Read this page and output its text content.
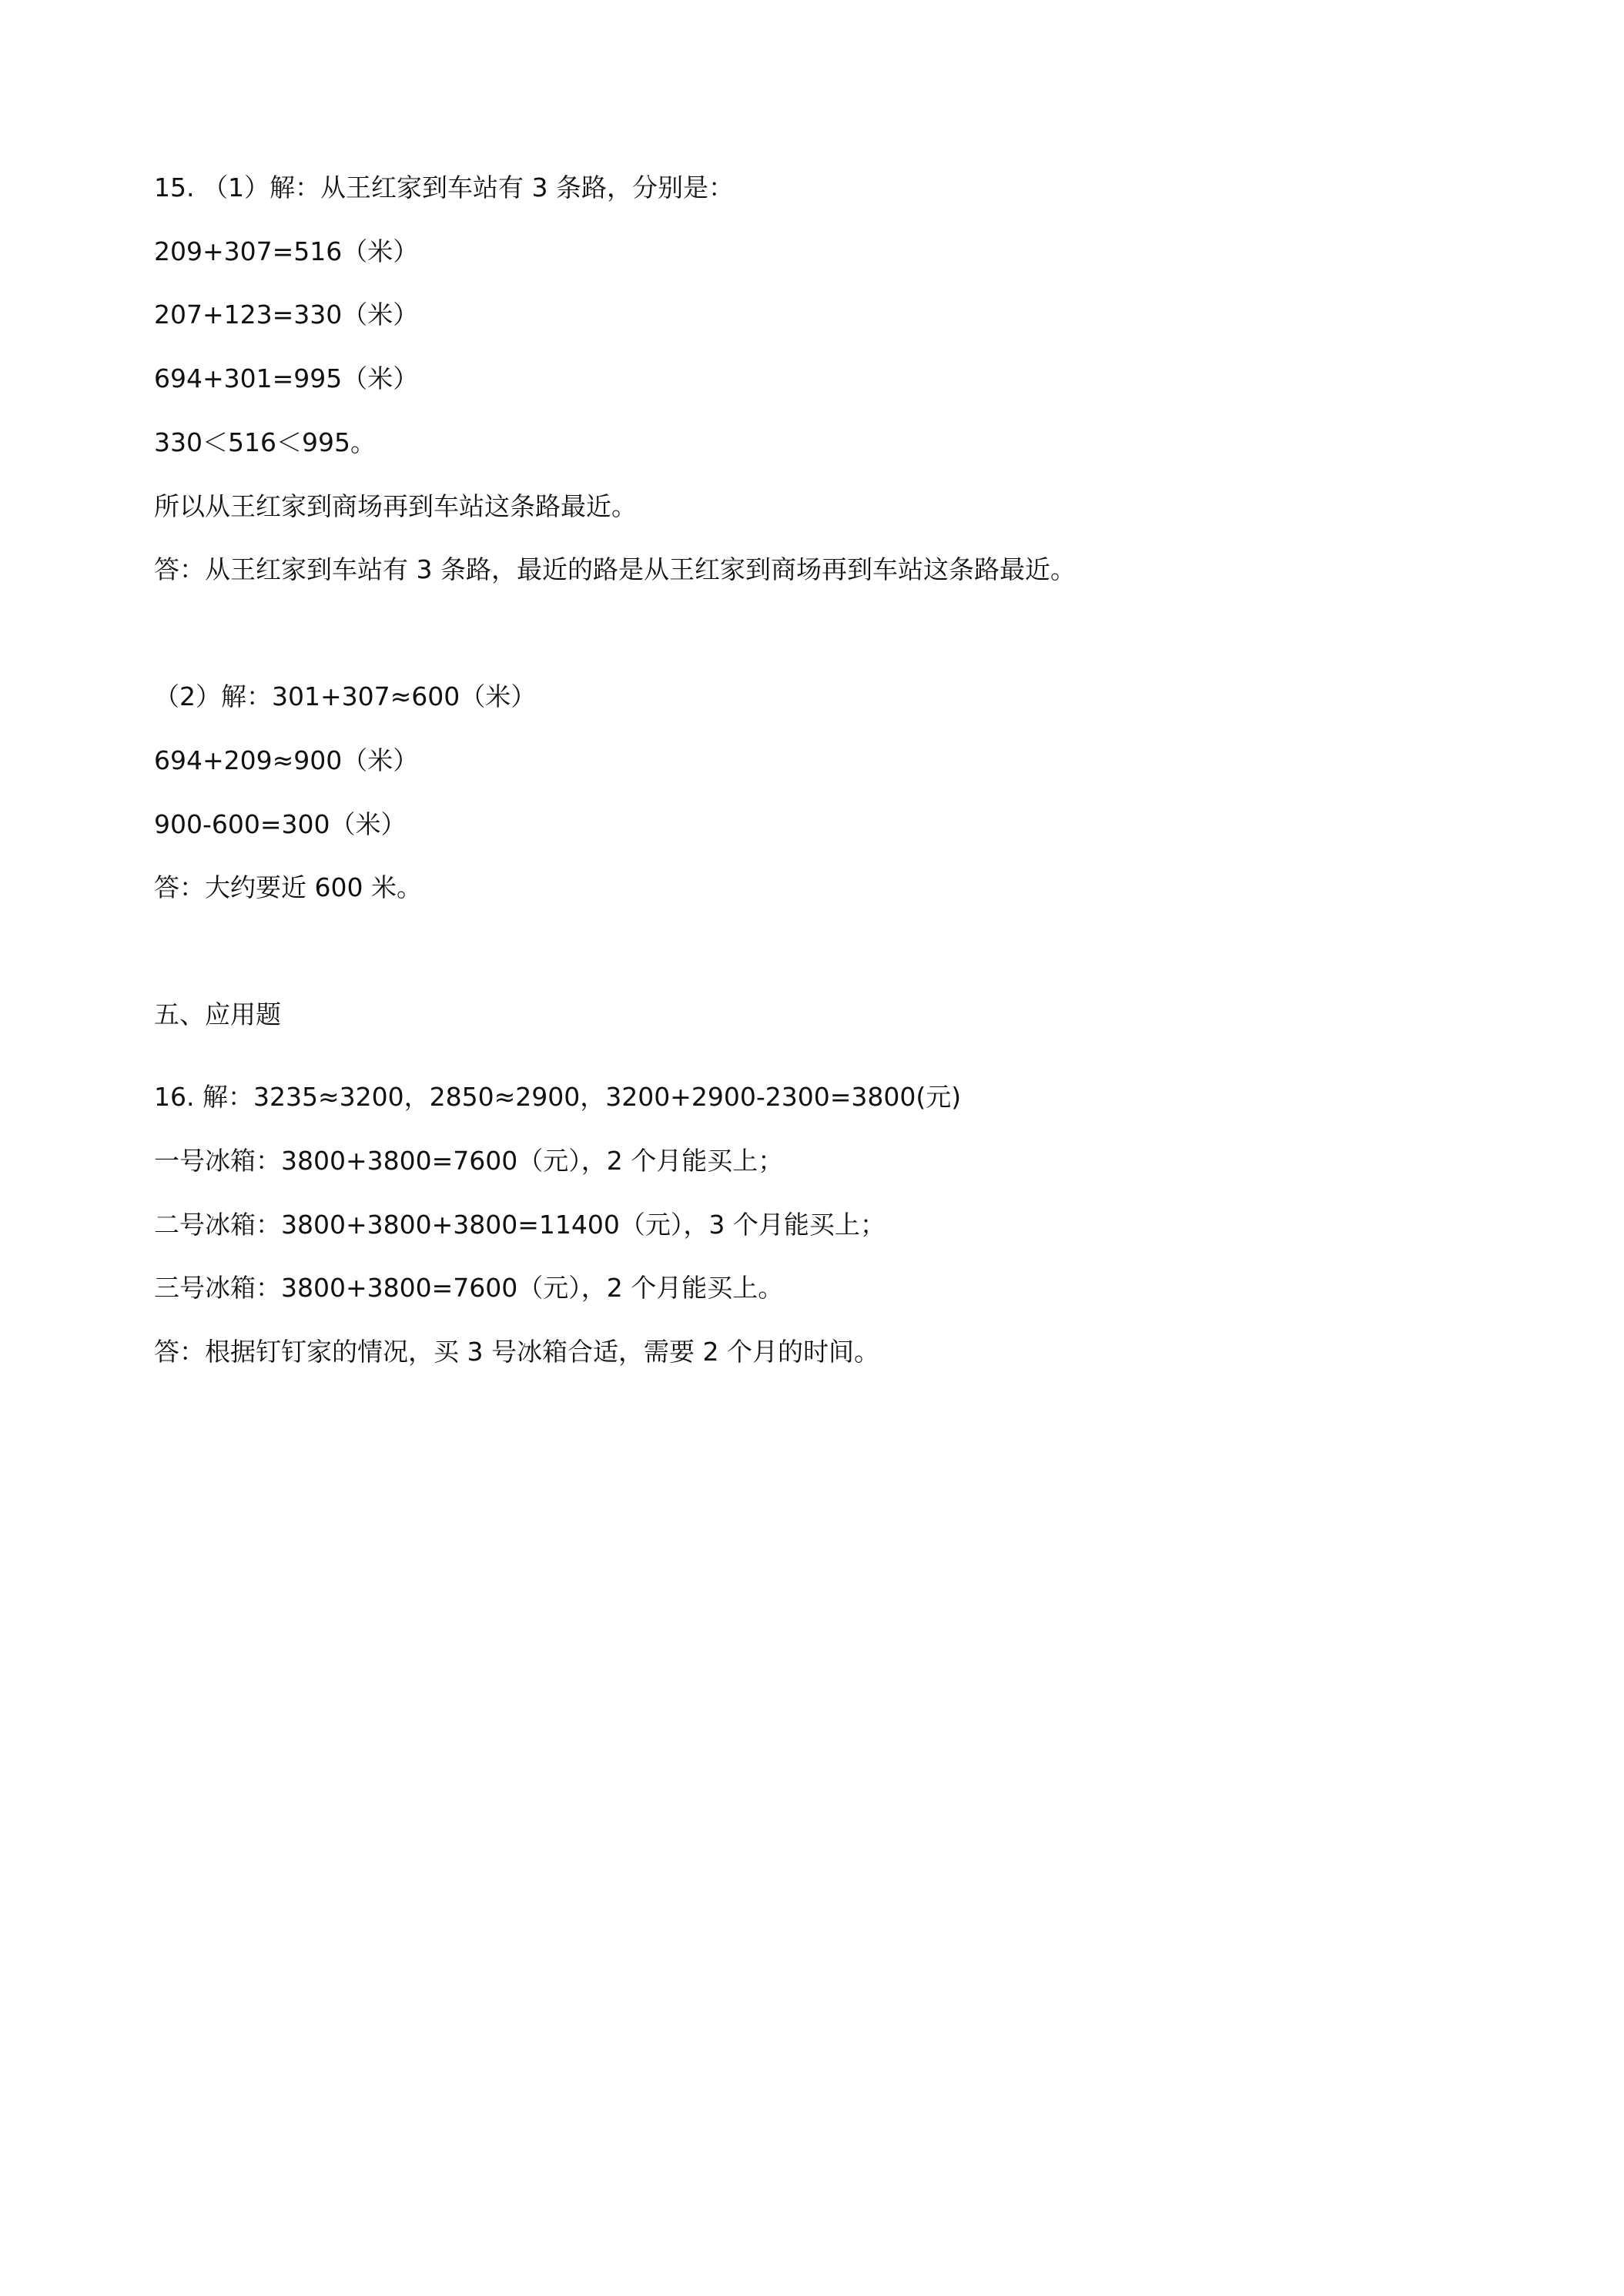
15. （1）解：从王红家到车站有 3 条路，分别是：

209+307=516（米）

207+123=330（米）

694+301=995（米）

330＜516＜995。

所以从王红家到商场再到车站这条路最近。

答：从王红家到车站有 3 条路，最近的路是从王红家到商场再到车站这条路最近。

（2）解：301+307≈600（米）

694+209≈900（米）

900-600=300（米）

答：大约要近 600 米。

五、应用题

16. 解：3235≈3200，2850≈2900，3200+2900-2300=3800(元)

一号冰箱：3800+3800=7600（元），2 个月能买上；

二号冰箱：3800+3800+3800=11400（元），3 个月能买上；

三号冰箱：3800+3800=7600（元），2 个月能买上。

答：根据钉钉家的情况，买 3 号冰箱合适，需要 2 个月的时间。
